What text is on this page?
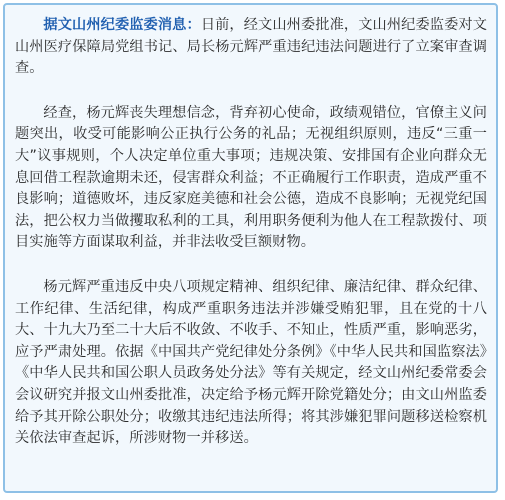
据文山州纪委监委消息：日前，经文山州委批准，文山州纪委监委对文山州医疗保障局党组书记、局长杨元辉严重违纪违法问题进行了立案审查调查。

经查，杨元辉丧失理想信念，背弃初心使命，政绩观错位，官僚主义问题突出，收受可能影响公正执行公务的礼品；无视组织原则，违反“三重一大”议事规则，个人决定单位重大事项；违规决策、安排国有企业向群众无息回借工程款逾期未还，侵害群众利益；不正确履行工作职责，造成严重不良影响；道德败坏，违反家庭美德和社会公德，造成不良影响；无视党纪国法，把公权力当做攫取私利的工具，利用职务便利为他人在工程款拨付、项目实施等方面谋取利益，并非法收受巨额财物。

杨元辉严重违反中央八项规定精神、组织纪律、廉洁纪律、群众纪律、工作纪律、生活纪律，构成严重职务违法并涉嫌受贿犯罪，且在党的十八大、十九大乃至二十大后不收敛、不收手、不知止，性质严重，影响恶劣，应予严肃处理。依据《中国共产党纪律处分条例》《中华人民共和国监察法》《中华人民共和国公职人员政务处分法》等有关规定，经文山州纪委常委会会议研究并报文山州委批准，决定给予杨元辉开除党籍处分；由文山州监委给予其开除公职处分；收缴其违纪违法所得；将其涉嫌犯罪问题移送检察机关依法审查起诉，所涉财物一并移送。
